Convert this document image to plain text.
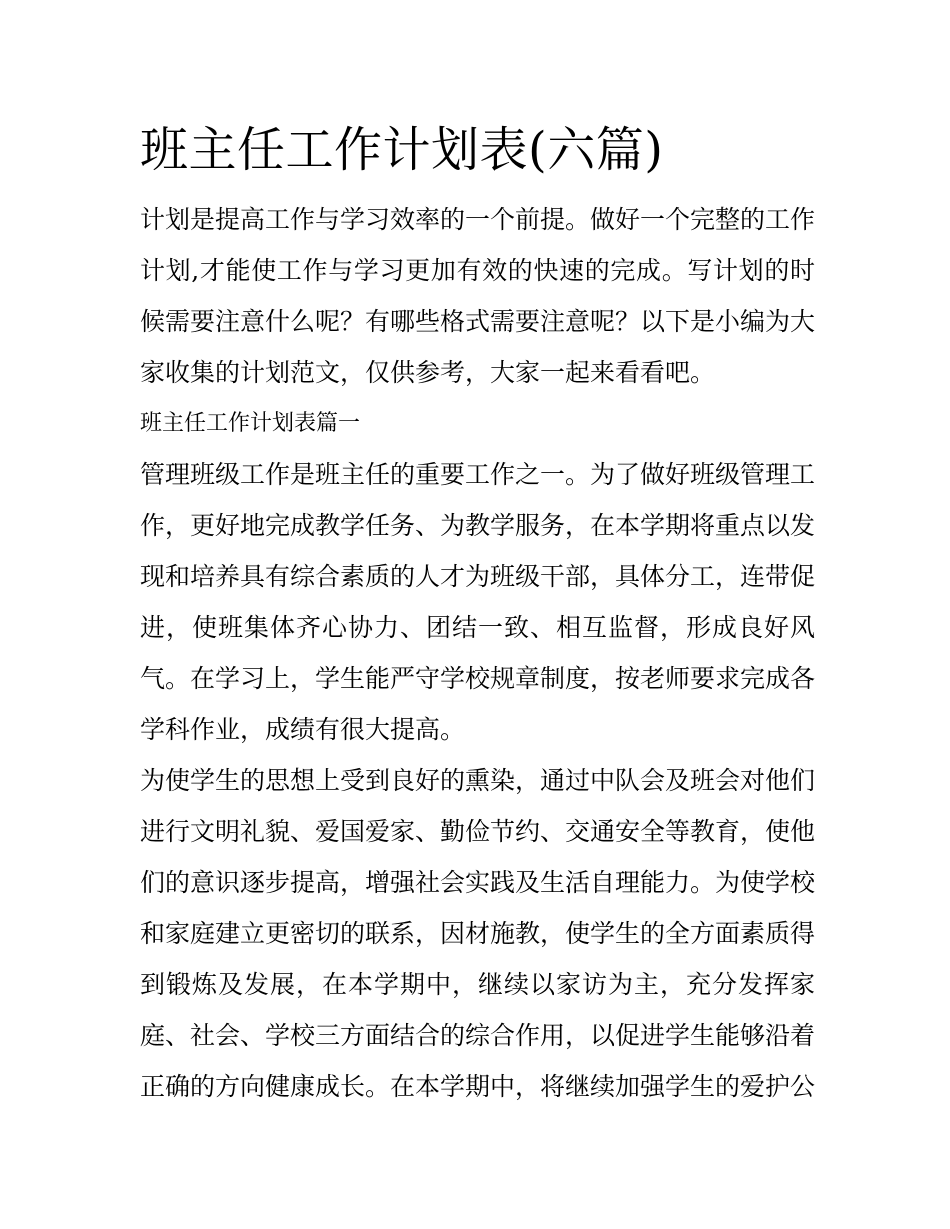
班主任工作计划表(六篇)

计划是提高工作与学习效率的一个前提。做好一个完整的工作计划,才能使工作与学习更加有效的快速的完成。写计划的时候需要注意什么呢？有哪些格式需要注意呢？以下是小编为大家收集的计划范文，仅供参考，大家一起来看看吧。

班主任工作计划表篇一

管理班级工作是班主任的重要工作之一。为了做好班级管理工作，更好地完成教学任务、为教学服务，在本学期将重点以发现和培养具有综合素质的人才为班级干部，具体分工，连带促进，使班集体齐心协力、团结一致、相互监督，形成良好风气。在学习上，学生能严守学校规章制度，按老师要求完成各学科作业，成绩有很大提高。

为使学生的思想上受到良好的熏染，通过中队会及班会对他们进行文明礼貌、爱国爱家、勤俭节约、交通安全等教育，使他们的意识逐步提高，增强社会实践及生活自理能力。为使学校和家庭建立更密切的联系，因材施教，使学生的全方面素质得到锻炼及发展，在本学期中，继续以家访为主，充分发挥家庭、社会、学校三方面结合的综合作用，以促进学生能够沿着正确的方向健康成长。在本学期中，将继续加强学生的爱护公
